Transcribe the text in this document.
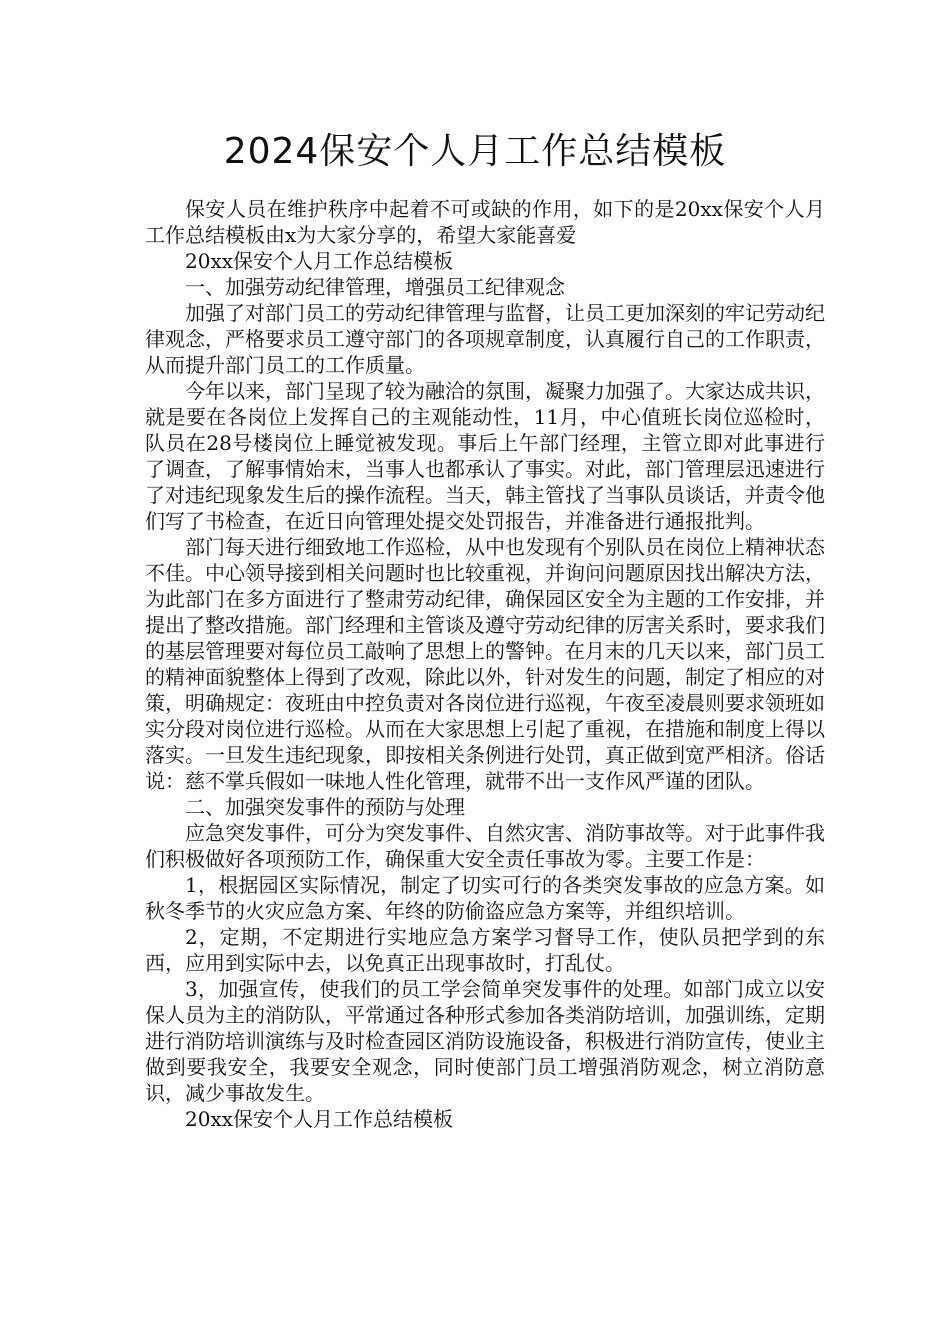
2024保安个人月工作总结模板

保安人员在维护秩序中起着不可或缺的作用，如下的是20xx保安个人月工作总结模板由x为大家分享的，希望大家能喜爱

20xx保安个人月工作总结模板

一、加强劳动纪律管理，增强员工纪律观念

加强了对部门员工的劳动纪律管理与监督，让员工更加深刻的牢记劳动纪律观念，严格要求员工遵守部门的各项规章制度，认真履行自己的工作职责，从而提升部门员工的工作质量。

今年以来，部门呈现了较为融洽的氛围，凝聚力加强了。大家达成共识，就是要在各岗位上发挥自己的主观能动性，11月，中心值班长岗位巡检时，队员在28号楼岗位上睡觉被发现。事后上午部门经理，主管立即对此事进行了调查，了解事情始末，当事人也都承认了事实。对此，部门管理层迅速进行了对违纪现象发生后的操作流程。当天，韩主管找了当事队员谈话，并责令他们写了书检查，在近日向管理处提交处罚报告，并准备进行通报批判。

部门每天进行细致地工作巡检，从中也发现有个别队员在岗位上精神状态不佳。中心领导接到相关问题时也比较重视，并询问问题原因找出解决方法，为此部门在多方面进行了整肃劳动纪律，确保园区安全为主题的工作安排，并提出了整改措施。部门经理和主管谈及遵守劳动纪律的厉害关系时，要求我们的基层管理要对每位员工敲响了思想上的警钟。在月末的几天以来，部门员工的精神面貌整体上得到了改观，除此以外，针对发生的问题，制定了相应的对策，明确规定：夜班由中控负责对各岗位进行巡视，午夜至凌晨则要求领班如实分段对岗位进行巡检。从而在大家思想上引起了重视，在措施和制度上得以落实。一旦发生违纪现象，即按相关条例进行处罚，真正做到宽严相济。俗话说：慈不掌兵假如一味地人性化管理，就带不出一支作风严谨的团队。

二、加强突发事件的预防与处理

应急突发事件，可分为突发事件、自然灾害、消防事故等。对于此事件我们积极做好各项预防工作，确保重大安全责任事故为零。主要工作是：

1，根据园区实际情况，制定了切实可行的各类突发事故的应急方案。如秋冬季节的火灾应急方案、年终的防偷盗应急方案等，并组织培训。

2，定期，不定期进行实地应急方案学习督导工作，使队员把学到的东西，应用到实际中去，以免真正出现事故时，打乱仗。

3，加强宣传，使我们的员工学会简单突发事件的处理。如部门成立以安保人员为主的消防队，平常通过各种形式参加各类消防培训，加强训练，定期进行消防培训演练与及时检查园区消防设施设备，积极进行消防宣传，使业主做到要我安全，我要安全观念，同时使部门员工增强消防观念，树立消防意识，减少事故发生。

20xx保安个人月工作总结模板
